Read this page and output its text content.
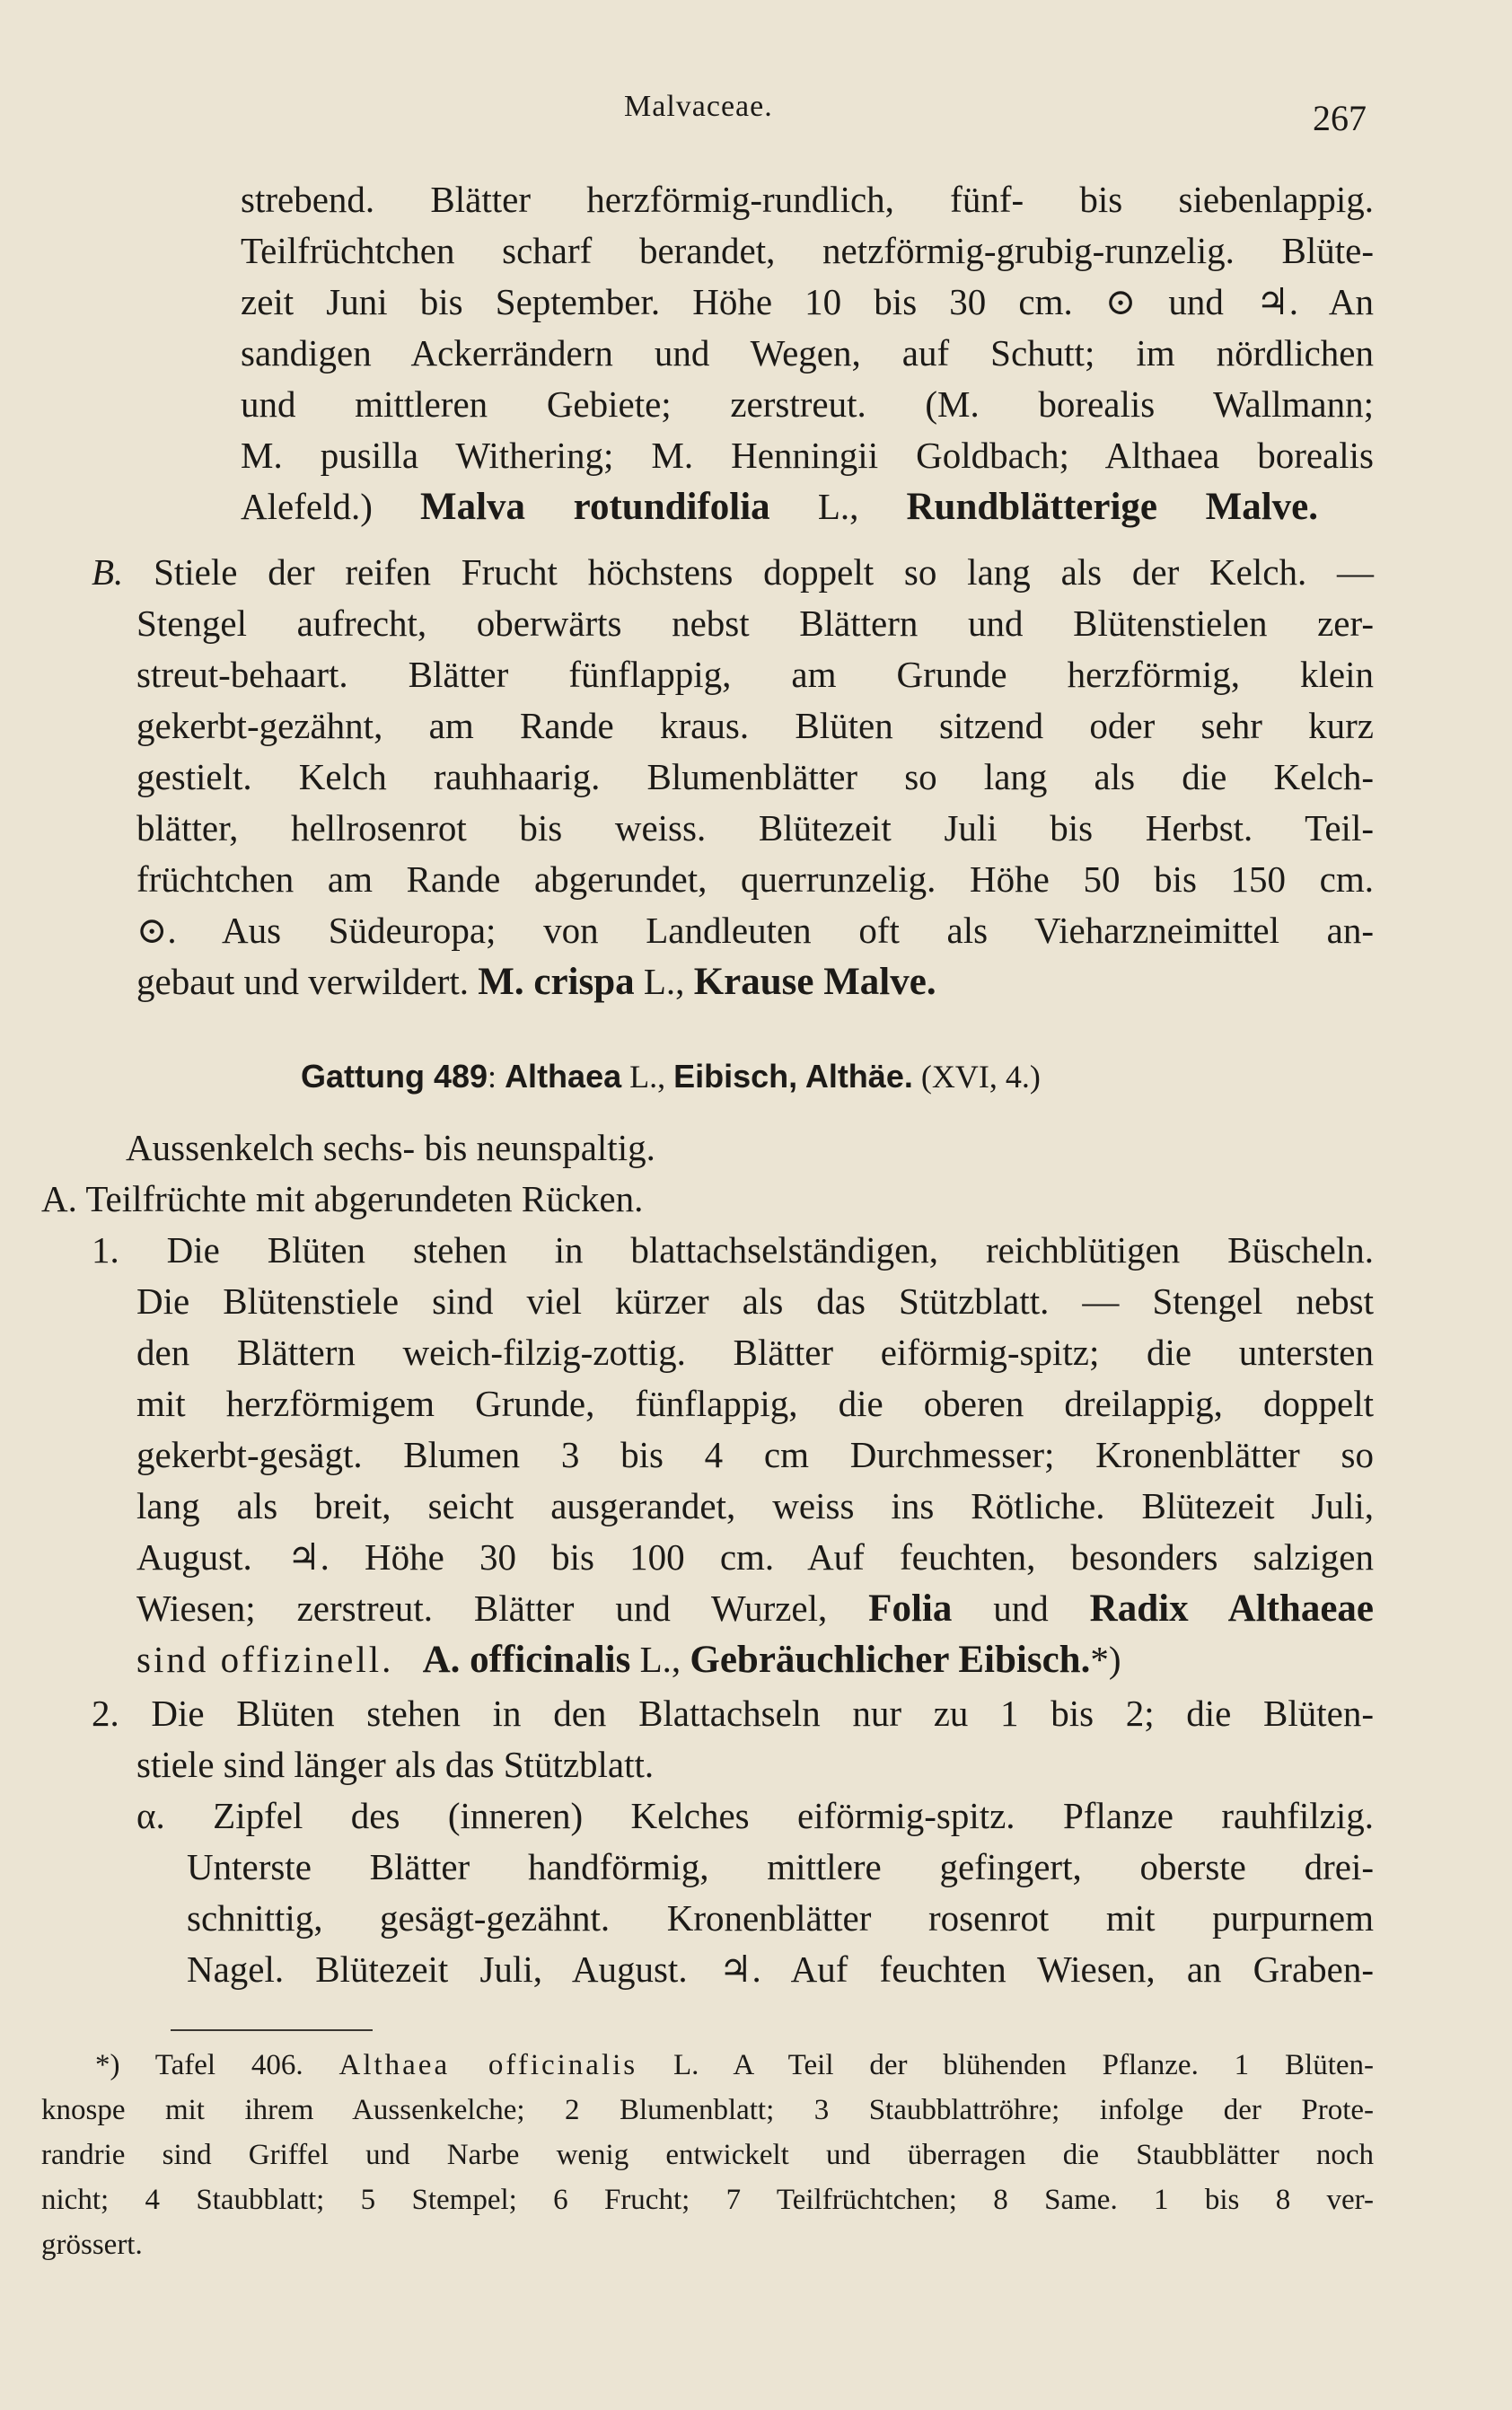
Malvaceae.	267
strebend. Blätter herzförmig-rundlich, fünf- bis siebenlappig.
Teilfrüchtchen scharf berandet, netzförmig-grubig-runzelig. Blüte-
zeit Juni bis September. Höhe 10 bis 30 cm. ⊙ und ♃. An
sandigen Ackerrändern und Wegen, auf Schutt; im nördlichen
und mittleren Gebiete; zerstreut. (M. borealis Wallmann;
M. pusilla Withering; M. Henningii Goldbach; Althaea borealis
Alefeld.) Malva rotundifolia L., Rundblätterige Malve.
B. Stiele der reifen Frucht höchstens doppelt so lang als der Kelch. —
Stengel aufrecht, oberwärts nebst Blättern und Blütenstielen zer-
streut-behaart. Blätter fünflappig, am Grunde herzförmig, klein
gekerbt-gezähnt, am Rande kraus. Blüten sitzend oder sehr kurz
gestielt. Kelch rauhhaarig. Blumenblätter so lang als die Kelch-
blätter, hellrosenrot bis weiss. Blütezeit Juli bis Herbst. Teil-
früchtchen am Rande abgerundet, querrunzelig. Höhe 50 bis 150 cm.
⊙. Aus Südeuropa; von Landleuten oft als Vieharzneimittel an-
gebaut und verwildert. M. crispa L., Krause Malve.
Gattung 489: Althaea L., Eibisch, Althäe. (XVI, 4.)
Aussenkelch sechs- bis neunspaltig.
A. Teilfrüchte mit abgerundeten Rücken.
1. Die Blüten stehen in blattachselständigen, reichblütigen Büscheln.
Die Blütenstiele sind viel kürzer als das Stützblatt. — Stengel nebst
den Blättern weich-filzig-zottig. Blätter eiförmig-spitz; die untersten
mit herzförmigem Grunde, fünflappig, die oberen dreilappig, doppelt
gekerbt-gesägt. Blumen 3 bis 4 cm Durchmesser; Kronenblätter so
lang als breit, seicht ausgerandet, weiss ins Rötliche. Blütezeit Juli,
August. ♃. Höhe 30 bis 100 cm. Auf feuchten, besonders salzigen
Wiesen; zerstreut. Blätter und Wurzel, Folia und Radix Althaeae
sind offizinell. A. officinalis L., Gebräuchlicher Eibisch.*)
2. Die Blüten stehen in den Blattachseln nur zu 1 bis 2; die Blüten-
stiele sind länger als das Stützblatt.
α. Zipfel des (inneren) Kelches eiförmig-spitz. Pflanze rauhfilzig.
Unterste Blätter handförmig, mittlere gefingert, oberste drei-
schnittig, gesägt-gezähnt. Kronenblätter rosenrot mit purpurnem
Nagel. Blütezeit Juli, August. ♃. Auf feuchten Wiesen, an Graben-
*) Tafel 406. Althaea officinalis L. A Teil der blühenden Pflanze. 1 Blüten-
knospe mit ihrem Aussenkelche; 2 Blumenblatt; 3 Staubblattröhre; infolge der Prote-
randrie sind Griffel und Narbe wenig entwickelt und überragen die Staubblätter noch
nicht; 4 Staubblatt; 5 Stempel; 6 Frucht; 7 Teilfrüchtchen; 8 Same. 1 bis 8 ver-
grössert.
